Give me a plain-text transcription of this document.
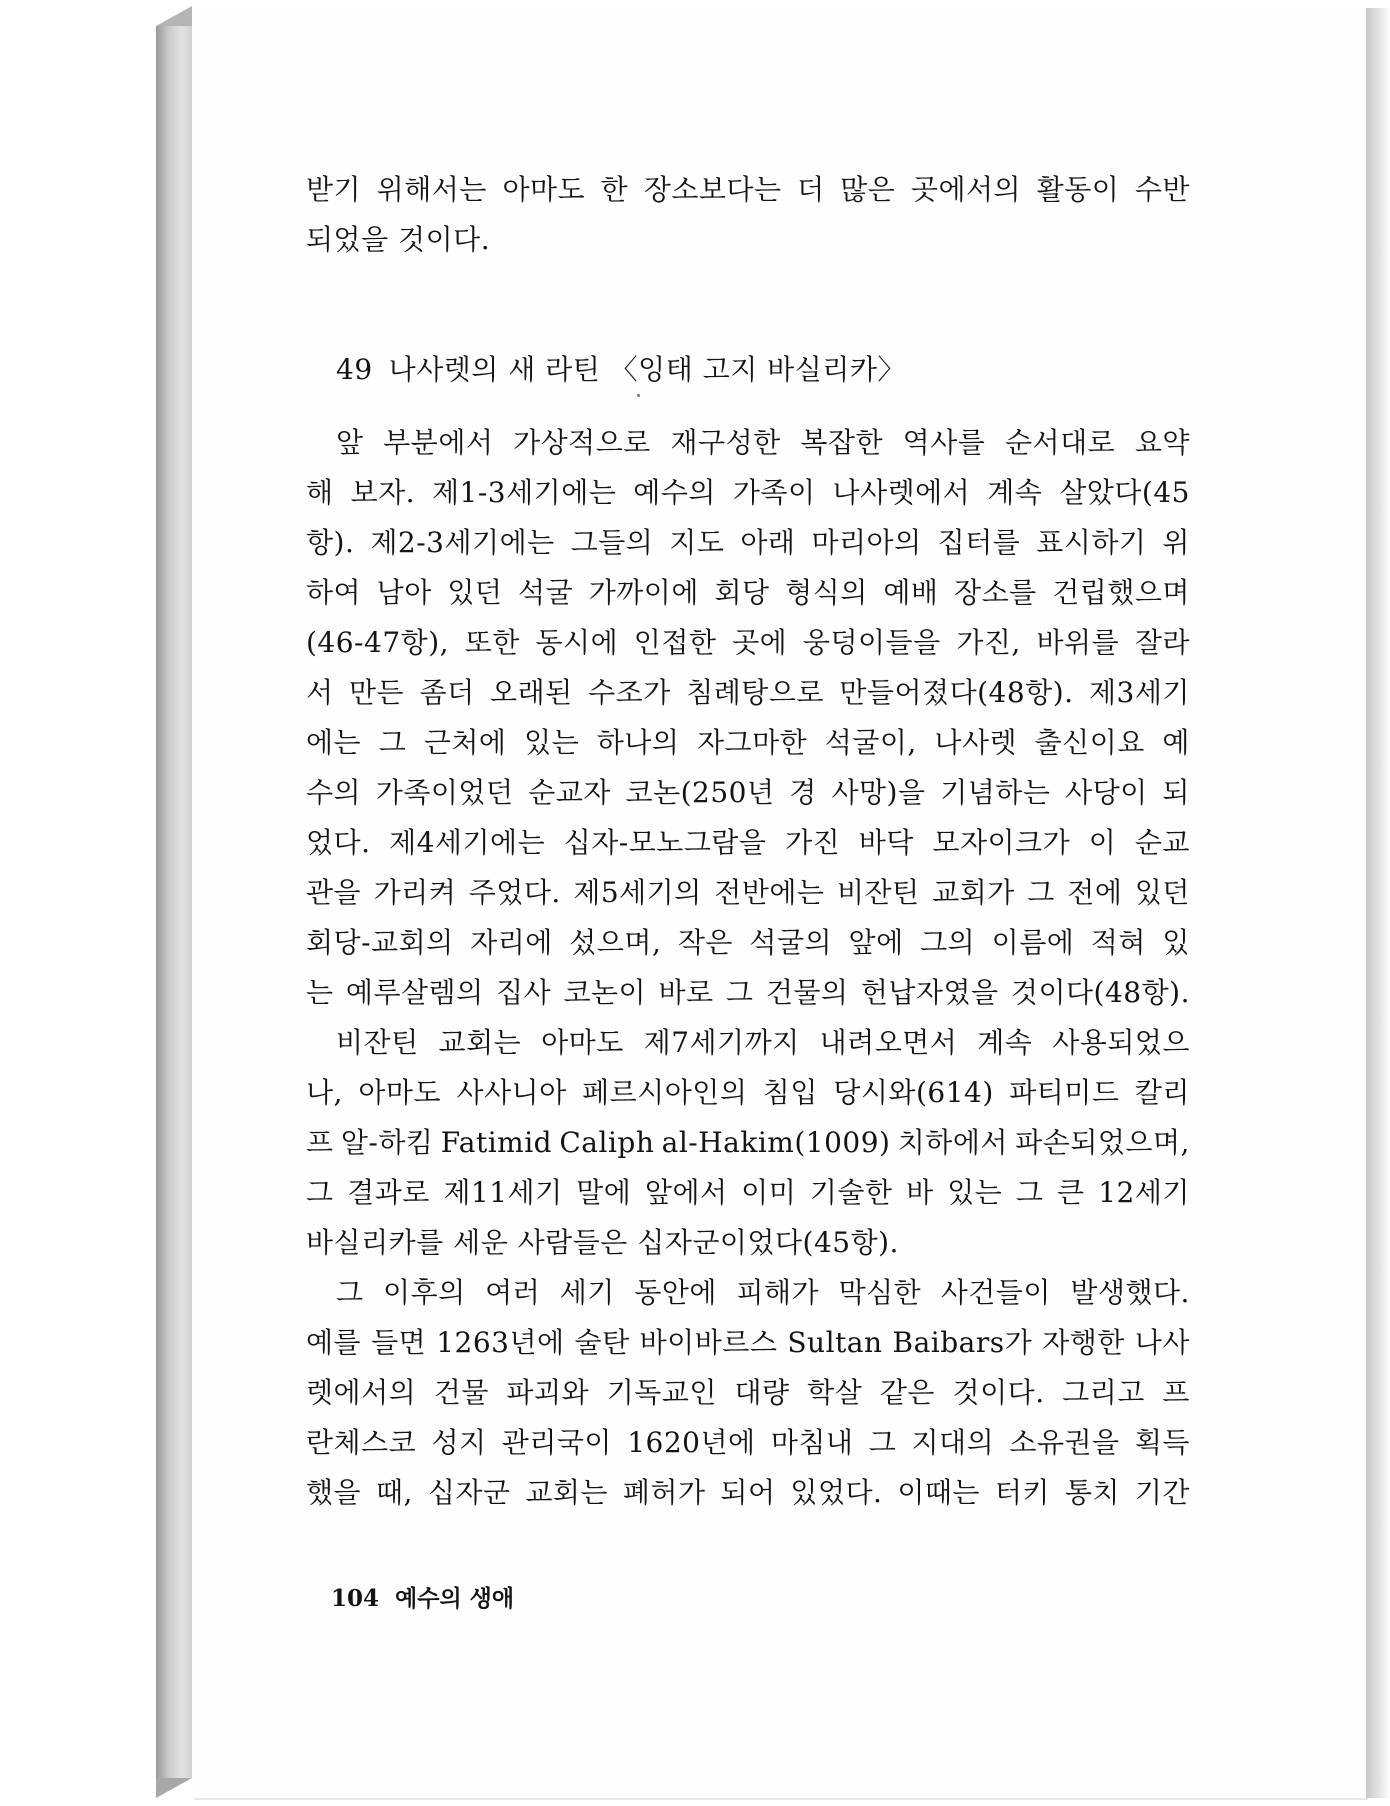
받기 위해서는 아마도 한 장소보다는 더 많은 곳에서의 활동이 수반
되었을 것이다.
49 나사렛의 새 라틴 〈잉태 고지 바실리카〉
앞 부분에서 가상적으로 재구성한 복잡한 역사를 순서대로 요약
해 보자. 제1-3세기에는 예수의 가족이 나사렛에서 계속 살았다(45
항). 제2-3세기에는 그들의 지도 아래 마리아의 집터를 표시하기 위
하여 남아 있던 석굴 가까이에 회당 형식의 예배 장소를 건립했으며
(46-47항), 또한 동시에 인접한 곳에 웅덩이들을 가진, 바위를 잘라
서 만든 좀더 오래된 수조가 침례탕으로 만들어졌다(48항). 제3세기
에는 그 근처에 있는 하나의 자그마한 석굴이, 나사렛 출신이요 예
수의 가족이었던 순교자 코논(250년 경 사망)을 기념하는 사당이 되
었다. 제4세기에는 십자-모노그람을 가진 바닥 모자이크가 이 순교
관을 가리켜 주었다. 제5세기의 전반에는 비잔틴 교회가 그 전에 있던
회당-교회의 자리에 섰으며, 작은 석굴의 앞에 그의 이름에 적혀 있
는 예루살렘의 집사 코논이 바로 그 건물의 헌납자였을 것이다(48항).
비잔틴 교회는 아마도 제7세기까지 내려오면서 계속 사용되었으
나, 아마도 사사니아 페르시아인의 침입 당시와(614) 파티미드 칼리
프 알-하킴 Fatimid Caliph al-Hakim(1009) 치하에서 파손되었으며,
그 결과로 제11세기 말에 앞에서 이미 기술한 바 있는 그 큰 12세기
바실리카를 세운 사람들은 십자군이었다(45항).
그 이후의 여러 세기 동안에 피해가 막심한 사건들이 발생했다.
예를 들면 1263년에 술탄 바이바르스 Sultan Baibars가 자행한 나사
렛에서의 건물 파괴와 기독교인 대량 학살 같은 것이다. 그리고 프
란체스코 성지 관리국이 1620년에 마침내 그 지대의 소유권을 획득
했을 때, 십자군 교회는 폐허가 되어 있었다. 이때는 터키 통치 기간
104 예수의 생애
